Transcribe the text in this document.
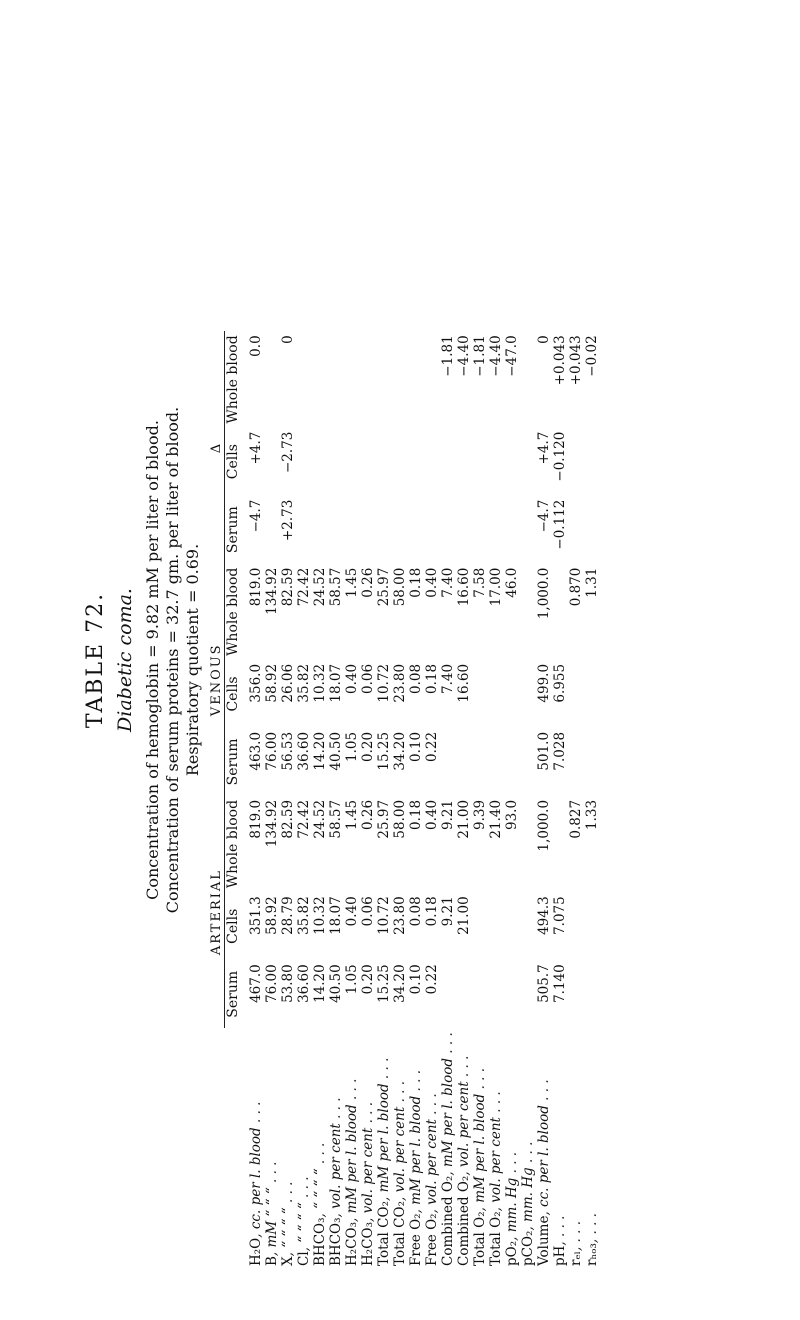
TABLE 72. Diabetic coma. Concentration of hemoglobin = 9.82 mM per liter of blood. Concentration of serum proteins = 32.7 gm. per liter of blood. Respiratory quotient = 0.69.
	ARTERIAL			VENOUS			Δ		
	Serum	Cells	Whole blood	Serum	Cells	Whole blood	Serum	Cells	Whole blood

H₂O, cc. per l. blood . . .	467.0	351.3	819.0	463.0	356.0	819.0	−4.7	+4.7	0.0
B, mM “ “ “ . . .	76.00	58.92	134.92	76.00	58.92	134.92			
X, “ “ “ “ . . .	53.80	28.79	82.59	56.53	26.06	82.59	+2.73	−2.73	0
Cl, “ “ “ “ . . .	36.60	35.82	72.42	36.60	35.82	72.42			
BHCO₃, “ “ “ “ . . .	14.20	10.32	24.52	14.20	10.32	24.52			
BHCO₃, vol. per cent . . .	40.50	18.07	58.57	40.50	18.07	58.57			
H₂CO₃, mM per l. blood . . .	1.05	0.40	1.45	1.05	0.40	1.45			
H₂CO₃, vol. per cent . . .	0.20	0.06	0.26	0.20	0.06	0.26			
Total CO₂, mM per l. blood . . .	15.25	10.72	25.97	15.25	10.72	25.97			
Total CO₂, vol. per cent . . .	34.20	23.80	58.00	34.20	23.80	58.00			
Free O₂, mM per l. blood . . .	0.10	0.08	0.18	0.10	0.08	0.18			
Free O₂, vol. per cent . . .	0.22	0.18	0.40	0.22	0.18	0.40			
Combined O₂, mM per l. blood . . .		9.21	9.21		7.40	7.40			−1.81
Combined O₂, vol. per cent . . .		21.00	21.00		16.60	16.60			−4.40
Total O₂, mM per l. blood . . .			9.39			7.58			−1.81
Total O₂, vol. per cent . . .			21.40			17.00			−4.40
pO₂, mm. Hg . . .			93.0			46.0			−47.0
pCO₂, mm. Hg . . .									
Volume, cc. per l. blood . . .	505.7	494.3	1,000.0	501.0	499.0	1,000.0	−4.7	+4.7	0
pH, . . .	7.140	7.075		7.028	6.955		−0.112	−0.120	+0.043
rₑₗ, . . .			0.827			0.870			+0.043
rₕₒ₃, . . .			1.33			1.31			−0.02
